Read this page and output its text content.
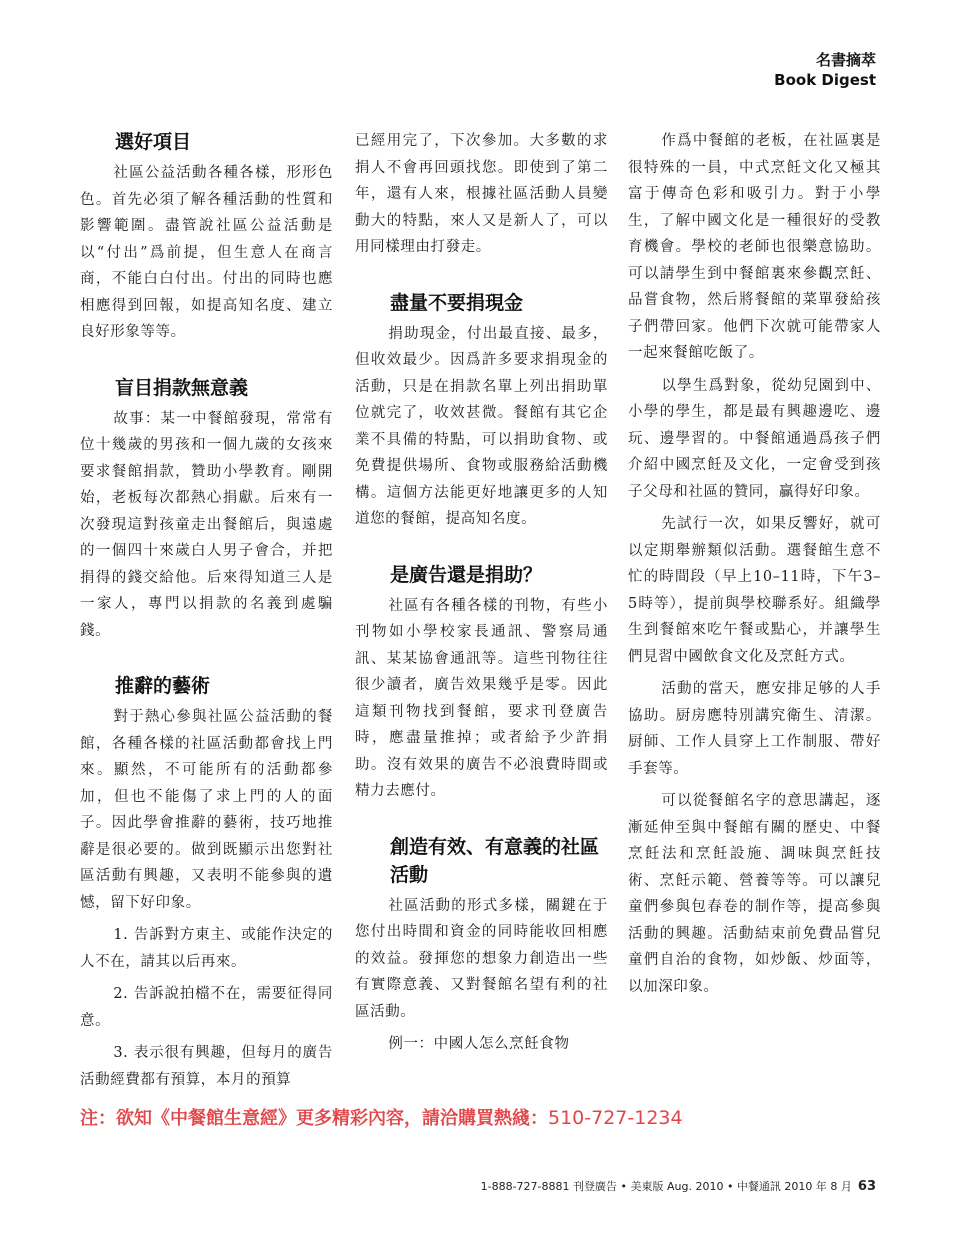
名書摘萃
Book Digest
選好項目

社區公益活動各種各樣，形形色色。首先必須了解各種活動的性質和影響範圍。盡管說社區公益活動是以“付出”爲前提，但生意人在商言商，不能白白付出。付出的同時也應相應得到回報，如提高知名度、建立良好形象等等。

盲目捐款無意義

故事：某一中餐館發現，常常有位十幾歲的男孩和一個九歲的女孩來要求餐館捐款，贊助小學教育。剛開始，老板每次都熱心捐獻。后來有一次發現這對孩童走出餐館后，與遠處的一個四十來歲白人男子會合，并把捐得的錢交給他。后來得知道三人是一家人，專門以捐款的名義到處騙錢。

推辭的藝術

對于熱心參與社區公益活動的餐館，各種各樣的社區活動都會找上門來。顯然，不可能所有的活動都參加，但也不能傷了求上門的人的面子。因此學會推辭的藝術，技巧地推辭是很必要的。做到既顯示出您對社區活動有興趣，又表明不能參與的遺憾，留下好印象。

1. 告訴對方東主、或能作決定的人不在，請其以后再來。

2. 告訴說拍檔不在，需要征得同意。

3. 表示很有興趣，但每月的廣告活動經費都有預算，本月的預算

已經用完了，下次參加。大多數的求捐人不會再回頭找您。即使到了第二年，還有人來，根據社區活動人員變動大的特點，來人又是新人了，可以用同樣理由打發走。

盡量不要捐現金

捐助現金，付出最直接、最多，但收效最少。因爲許多要求捐現金的活動，只是在捐款名單上列出捐助單位就完了，收效甚微。餐館有其它企業不具備的特點，可以捐助食物、或免費提供場所、食物或服務給活動機構。這個方法能更好地讓更多的人知道您的餐館，提高知名度。

是廣告還是捐助？

社區有各種各樣的刊物，有些小刊物如小學校家長通訊、警察局通訊、某某協會通訊等。這些刊物往往很少讀者，廣告效果幾乎是零。因此這類刊物找到餐館，要求刊登廣告時，應盡量推掉；或者給予少許捐助。沒有效果的廣告不必浪費時間或精力去應付。

創造有效、有意義的社區活動

社區活動的形式多樣，關鍵在于您付出時間和資金的同時能收回相應的效益。發揮您的想象力創造出一些有實際意義、又對餐館名望有利的社區活動。

例一：中國人怎么烹飪食物

作爲中餐館的老板，在社區裏是很特殊的一員，中式烹飪文化又極其富于傳奇色彩和吸引力。對于小學生，了解中國文化是一種很好的受教育機會。學校的老師也很樂意協助。可以請學生到中餐館裏來參觀烹飪、品嘗食物，然后將餐館的菜單發給孩子們帶回家。他們下次就可能帶家人一起來餐館吃飯了。

以學生爲對象，從幼兒園到中、小學的學生，都是最有興趣邊吃、邊玩、邊學習的。中餐館通過爲孩子們介紹中國烹飪及文化，一定會受到孩子父母和社區的贊同，贏得好印象。

先試行一次，如果反響好，就可以定期舉辦類似活動。選餐館生意不忙的時間段（早上10–11時，下午3–5時等），提前與學校聯系好。組織學生到餐館來吃午餐或點心，并讓學生們見習中國飲食文化及烹飪方式。

活動的當天，應安排足够的人手協助。厨房應特別講究衛生、清潔。厨師、工作人員穿上工作制服、帶好手套等。

可以從餐館名字的意思講起，逐漸延伸至與中餐館有關的歷史、中餐烹飪法和烹飪設施、調味與烹飪技術、烹飪示範、營養等等。可以讓兒童們參與包春卷的制作等，提高參與活動的興趣。活動結束前免費品嘗兒童們自治的食物，如炒飯、炒面等，以加深印象。

注：欲知《中餐館生意經》更多精彩內容，請洽購買熱綫：510-727-1234
1-888-727-8881 刊登廣告 • 美東版 Aug. 2010 • 中餐通訊 2010 年 8 月 63
